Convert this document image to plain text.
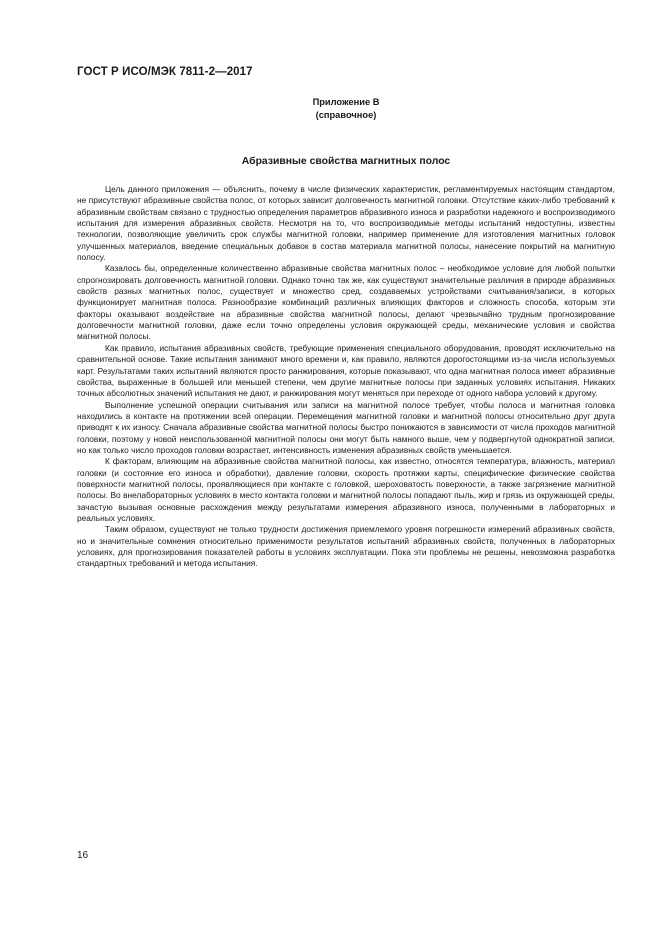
ГОСТ Р ИСО/МЭК 7811-2—2017
Приложение В
(справочное)
Абразивные свойства магнитных полос

Цель данного приложения — объяснить, почему в числе физических характеристик, регламентируемых настоящим стандартом, не присутствуют абразивные свойства полос, от которых зависит долговечность магнитной головки. Отсутствие каких-либо требований к абразивным свойствам связано с трудностью определения параметров абразивного износа и разработки надежного и воспроизводимого испытания для измерения абразивных свойств. Несмотря на то, что воспроизводимые методы испытаний недоступны, известны технологии, позволяющие увеличить срок службы магнитной головки, например применение для изготовления магнитных головок улучшенных материалов, введение специальных добавок в состав материала магнитной полосы, нанесение покрытий на магнитную полосу.

Казалось бы, определенные количественно абразивные свойства магнитных полос – необходимое условие для любой попытки спрогнозировать долговечность магнитной головки. Однако точно так же, как существуют значительные различия в природе абразивных свойств разных магнитных полос, существует и множество сред, создаваемых устройствами считывания/записи, в которых функционирует магнитная полоса. Разнообразие комбинаций различных влияющих факторов и сложность способа, которым эти факторы оказывают воздействие на абразивные свойства магнитной полосы, делают чрезвычайно трудным прогнозирование долговечности магнитной головки, даже если точно определены условия окружающей среды, механические условия и свойства магнитной полосы.

Как правило, испытания абразивных свойств, требующие применения специального оборудования, проводят исключительно на сравнительной основе. Такие испытания занимают много времени и, как правило, являются дорогостоящими из-за числа используемых карт. Результатами таких испытаний являются просто ранжирования, которые показывают, что одна магнитная полоса имеет абразивные свойства, выраженные в большей или меньшей степени, чем другие магнитные полосы при заданных условиях испытания. Никаких точных абсолютных значений испытания не дают, и ранжирования могут меняться при переходе от одного набора условий к другому.

Выполнение успешной операции считывания или записи на магнитной полосе требует, чтобы полоса и магнитная головка находились в контакте на протяжении всей операции. Перемещения магнитной головки и магнитной полосы относительно друг друга приводят к их износу. Сначала абразивные свойства магнитной полосы быстро понижаются в зависимости от числа проходов магнитной головки, поэтому у новой неиспользованной магнитной полосы они могут быть намного выше, чем у подвергнутой однократной записи, но как только число проходов головки возрастает, интенсивность изменения абразивных свойств уменьшается.

К факторам, влияющим на абразивные свойства магнитной полосы, как известно, относятся температура, влажность, материал головки (и состояние его износа и обработки), давление головки, скорость протяжки карты, специфические физические свойства поверхности магнитной полосы, проявляющиеся при контакте с головкой, шероховатость поверхности, а также загрязнение магнитной полосы. Во внелабораторных условиях в место контакта головки и магнитной полосы попадают пыль, жир и грязь из окружающей среды, зачастую вызывая основные расхождения между результатами измерения абразивного износа, полученными в лабораторных и реальных условиях.

Таким образом, существуют не только трудности достижения приемлемого уровня погрешности измерений абразивных свойств, но и значительные сомнения относительно применимости результатов испытаний абразивных свойств, полученных в лабораторных условиях, для прогнозирования показателей работы в условиях эксплуатации. Пока эти проблемы не решены, невозможна разработка стандартных требований и метода испытания.

16
